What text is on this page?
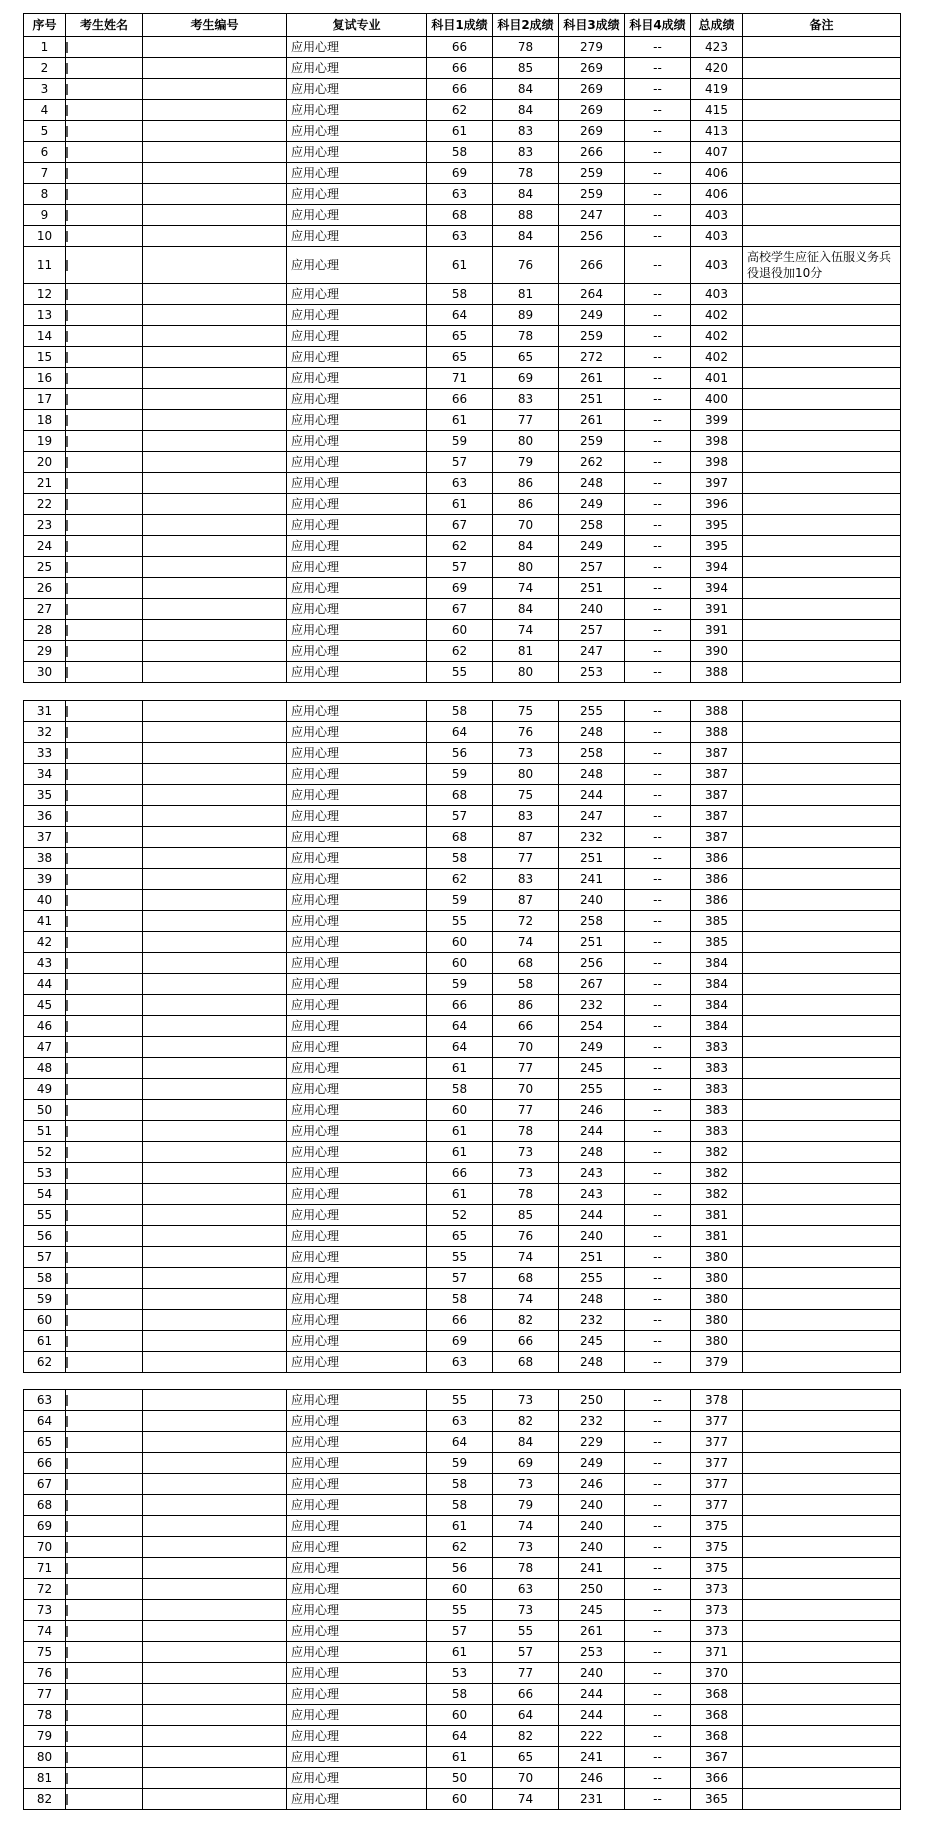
序号	考生姓名	考生编号	复试专业	科目1成绩	科目2成绩	科目3成绩	科目4成绩	总成绩	备注
1			应用心理	66	78	279	--	423	
2			应用心理	66	85	269	--	420	
3			应用心理	66	84	269	--	419	
4			应用心理	62	84	269	--	415	
5			应用心理	61	83	269	--	413	
6			应用心理	58	83	266	--	407	
7			应用心理	69	78	259	--	406	
8			应用心理	63	84	259	--	406	
9			应用心理	68	88	247	--	403	
10			应用心理	63	84	256	--	403	
11			应用心理	61	76	266	--	403	高校学生应征入伍服义务兵役退役加10分
12			应用心理	58	81	264	--	403	
13			应用心理	64	89	249	--	402	
14			应用心理	65	78	259	--	402	
15			应用心理	65	65	272	--	402	
16			应用心理	71	69	261	--	401	
17			应用心理	66	83	251	--	400	
18			应用心理	61	77	261	--	399	
19			应用心理	59	80	259	--	398	
20			应用心理	57	79	262	--	398	
21			应用心理	63	86	248	--	397	
22			应用心理	61	86	249	--	396	
23			应用心理	67	70	258	--	395	
24			应用心理	62	84	249	--	395	
25			应用心理	57	80	257	--	394	
26			应用心理	69	74	251	--	394	
27			应用心理	67	84	240	--	391	
28			应用心理	60	74	257	--	391	
29			应用心理	62	81	247	--	390	
30			应用心理	55	80	253	--	388	
31			应用心理	58	75	255	--	388	
32			应用心理	64	76	248	--	388	
33			应用心理	56	73	258	--	387	
34			应用心理	59	80	248	--	387	
35			应用心理	68	75	244	--	387	
36			应用心理	57	83	247	--	387	
37			应用心理	68	87	232	--	387	
38			应用心理	58	77	251	--	386	
39			应用心理	62	83	241	--	386	
40			应用心理	59	87	240	--	386	
41			应用心理	55	72	258	--	385	
42			应用心理	60	74	251	--	385	
43			应用心理	60	68	256	--	384	
44			应用心理	59	58	267	--	384	
45			应用心理	66	86	232	--	384	
46			应用心理	64	66	254	--	384	
47			应用心理	64	70	249	--	383	
48			应用心理	61	77	245	--	383	
49			应用心理	58	70	255	--	383	
50			应用心理	60	77	246	--	383	
51			应用心理	61	78	244	--	383	
52			应用心理	61	73	248	--	382	
53			应用心理	66	73	243	--	382	
54			应用心理	61	78	243	--	382	
55			应用心理	52	85	244	--	381	
56			应用心理	65	76	240	--	381	
57			应用心理	55	74	251	--	380	
58			应用心理	57	68	255	--	380	
59			应用心理	58	74	248	--	380	
60			应用心理	66	82	232	--	380	
61			应用心理	69	66	245	--	380	
62			应用心理	63	68	248	--	379	
63			应用心理	55	73	250	--	378	
64			应用心理	63	82	232	--	377	
65			应用心理	64	84	229	--	377	
66			应用心理	59	69	249	--	377	
67			应用心理	58	73	246	--	377	
68			应用心理	58	79	240	--	377	
69			应用心理	61	74	240	--	375	
70			应用心理	62	73	240	--	375	
71			应用心理	56	78	241	--	375	
72			应用心理	60	63	250	--	373	
73			应用心理	55	73	245	--	373	
74			应用心理	57	55	261	--	373	
75			应用心理	61	57	253	--	371	
76			应用心理	53	77	240	--	370	
77			应用心理	58	66	244	--	368	
78			应用心理	60	64	244	--	368	
79			应用心理	64	82	222	--	368	
80			应用心理	61	65	241	--	367	
81			应用心理	50	70	246	--	366	
82			应用心理	60	74	231	--	365	
